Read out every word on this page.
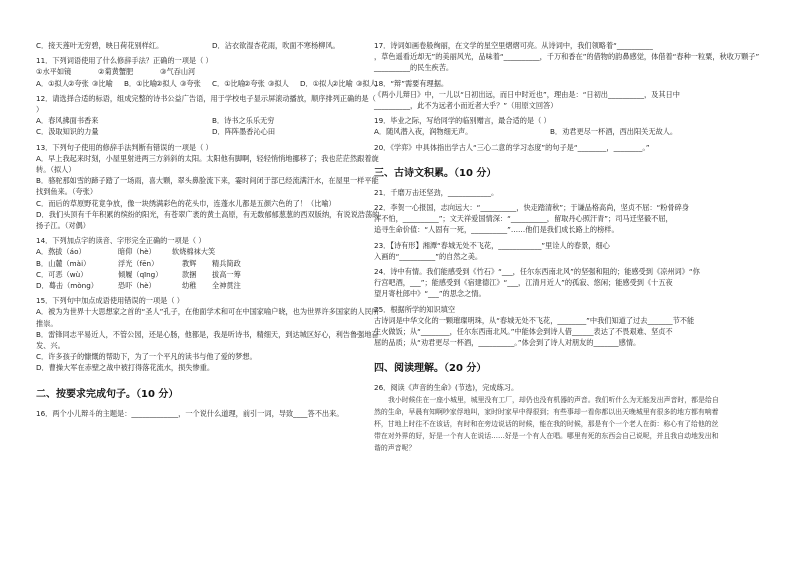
C．接天莲叶无穷碧，映日荷花别样红。	D．沾衣欲湿杏花雨，吹面不寒杨柳风。
11．下列词语使用了什么修辞手法？正确的一项是（ ）
①水平如镜	②菊黄蟹肥	③气吞山河
A．①拟人②夸张 ③比喻 B．①比喻②拟人 ③夸张 C．①比喻②夸张 ③拟人 D．①拟人②比喻 ③拟人
12．请选择合适的标语，组成完整的诗书公益广告语，用于学校电子显示屏滚动播放，顺序排列正确的是（
）
A．春风拂面书香来	B．诗书之乐乐无穷
C．汲取知识的力量	D．阵阵墨香沁心田
13．下列句子使用的修辞手法判断有错误的一项是（ ）
A．早上我起来时刻，小屋里射进两三方斜斜的太阳。太阳他有脚啊，轻轻悄悄地挪移了；我也茫茫然跟着旋转。（拟人）
B．骆驼那如雪的蹄子踏了一场雨，喜大颗，翠头鼻脸流下来，霎时间闭于部已经流满汗水，在屋里一样平能找到鱼来。（夸张）
C．而后的草原野花竟争放，像一块绣满彩色的花头巾，连蓬水儿都是五颜六色的了！（比喻）
D．我们头顶有千年积累的缤纷的阳光，有苍翠广袤的黄土高原，有无数郁郁葱葱的西双版纳，有说说浩荡的扬子江。（对偶）
14．下列加点字的读音、字形完全正确的一项是（ ）
A．熬拔（áo）	暗仰（hè） 软烧棉袜大笑
B．山麓（mài）	浮光（fēn）	教辉 精兵简政
C．可恶（wù）	倾履（qīng）	款捆 拔高一筹
D．蓦击（mòng）	恐吓（hè）	幼稚 全神贯注
15．下列句中加点成语使用错误的一项是（ ）
A．被为为世界十大思想家之首的“圣人”孔子，在他面学术和可在中国家喻户晓，也为世界许多国家的人民所推崇。
B．雷锋同志平易近人，不管公园，还是心肠，他都是，我是听诗书，精细天，到达城区好心，利告鲁强地奋发、兴。
C．许多孩子的慷慨的帮助下，为了一个平凡的读书与他了爱的梦想。
D．曹操大军在赤壁之战中被打得落花流水，损失惨重。
二、按要求完成句子。（10 分）
16．两个小儿辩斗的主题是：_____________，一个说什么道理，前引一词，导致____答不出来。
17．诗词如画卷般绚丽，在文学的星空里熠熠可亮。从诗词中，我们领略着“__________
，草色遥看近却无”的美丽风光，品味着“__________，千万和香在”的借物的韵鼻感觉，体借着“春种一粒粟，秋收万颗子”
__________的民生疾苦。
18．“辩”需要有理据。
《两小儿辩日》中，一儿以“日初出远，而日中时近也”，理由是：“日初出__________，及其日中
__________，此不为远者小而近者大乎？”（用原文回答）
19．毕业之际，写给同学的临别赠言，最合适的是（ ）
A．随风潜入夜，润物细无声。	B．劝君更尽一杯酒，西出阳关无故人。
20．《学弈》中具体指出学古人“三心二意的学习态度”的句子是“________，________。”
三、古诗文积累。（10 分）
21．千磨万击还坚劲，____________。
22．李贺一心报国，志向远大：“__________，快走踏清秋”；于谦品格高尚，坚贞不屈：“粉骨碎身
浑不怕，__________”；文天祥爱国情深：“__________，留取丹心照汗青”；司马迁坚毅不屈，
追寻生命价值：“人固有一死，__________”……他们是我们成长路上的榜样。
23．【诗有形】湘潭“春城无处不飞花，____________”里诠人的春景，细心
入画的“__________”的自然之美。
24．诗中有情。我们能感受到《竹石》“___，任尔东西南北风”的坚强和阻的；能感受到《凉州词》“你
行宫吧酒，___”；能感受到《宿建德江》“___，江清月近人”的孤寂、悠闲；能感受到《十五夜
望月寄杜郎中》“___”的思念之情。
25．根据所学的知识填空
古诗词是中华文化的一颗璀璨明珠，从“春城无处不飞花，________”中我们知道了过去_______节不能
生火做饭；从“________，任尔东西南北风。”中能体会到诗人借______表达了不畏艰难、坚贞不
屈的品质；从“劝君更尽一杯酒，__________。”体会到了诗人对朋友的_______感情。
四、阅读理解。（20 分）
26．阅读《声音的生命》(节选)，完成练习。
我小时候住在一座小城里，城里没有工厂，却仍也没有机器的声音。我们听什么为无能发出声音时，都是给自然的生命，早晨有知啊吵家俘地叫，家时时家早中得很到；有些事却一看你都以出天晚城里有很多的地方都有响着杯，甘地上时往不在该话，有时和在旁边说话的时候，能在我的时候，那是有个一个老人在街：称心有了给他的丝带在对外界的好，好是一个有人在说话……好是一个有人在唱。哪里有死的东西会自己说呢，并且我自动地发出和谐的声音呢？
